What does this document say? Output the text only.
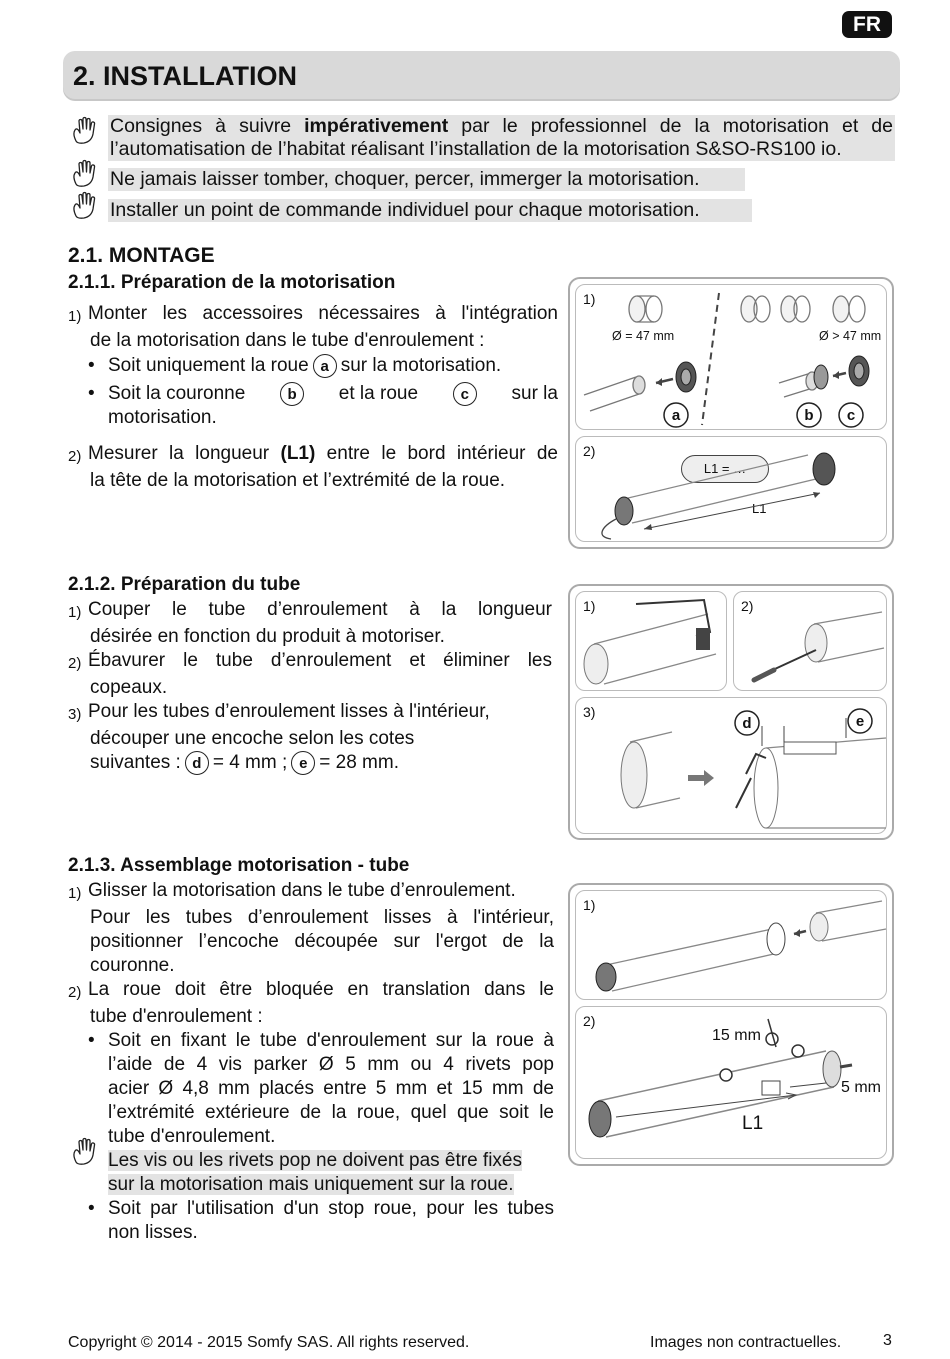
FR
2. INSTALLATION
Consignes à suivre impérativement par le professionnel de la motorisation et de
l’automatisation de l’habitat réalisant l’installation de la motorisation S&SO-RS100 io.
Ne jamais laisser tomber, choquer, percer, immerger la motorisation.
Installer un point de commande individuel pour chaque motorisation.
2.1. MONTAGE
2.1.1. Préparation de la motorisation
1) Monter les accessoires nécessaires à l'intégration
de la motorisation dans le tube d'enroulement :
• Soit uniquement la roue a sur la motorisation.
• Soit la couronne	b	et la roue	c	sur la
motorisation.
2) Mesurer la longueur (L1) entre le bord intérieur de
la tête de la motorisation et l’extrémité de la roue.
1)
Ø = 47 mm	Ø > 47 mm
a	b c
2)
L1 = …
L1
2.1.2. Préparation du tube
1) Couper le tube d’enroulement à la longueur
désirée en fonction du produit à motoriser.
2) Ébavurer le tube d’enroulement et éliminer les
copeaux.
3) Pour les tubes d’enroulement lisses à l'intérieur,
découper une encoche selon les cotes
suivantes : d = 4 mm ; e = 28 mm.
1)	2)
3)
d	e
2.1.3. Assemblage motorisation - tube
1) Glisser la motorisation dans le tube d’enroulement.
Pour les tubes d’enroulement lisses à l'intérieur,
positionner l’encoche découpée sur l'ergot de la
couronne.
2) La roue doit être bloquée en translation dans le
tube d'enroulement :
• Soit en fixant le tube d'enroulement sur la roue à
l’aide de 4 vis parker Ø 5 mm ou 4 rivets pop
acier Ø 4,8 mm placés entre 5 mm et 15 mm de
l’extrémité extérieure de la roue, quel que soit le
tube d'enroulement.
Les vis ou les rivets pop ne doivent pas être fixés
sur la motorisation mais uniquement sur la roue.
• Soit par l'utilisation d'un stop roue, pour les tubes
non lisses.
1)
2)
15 mm
5 mm
L1
Copyright © 2014 - 2015 Somfy SAS. All rights reserved.	Images non contractuelles.	3
